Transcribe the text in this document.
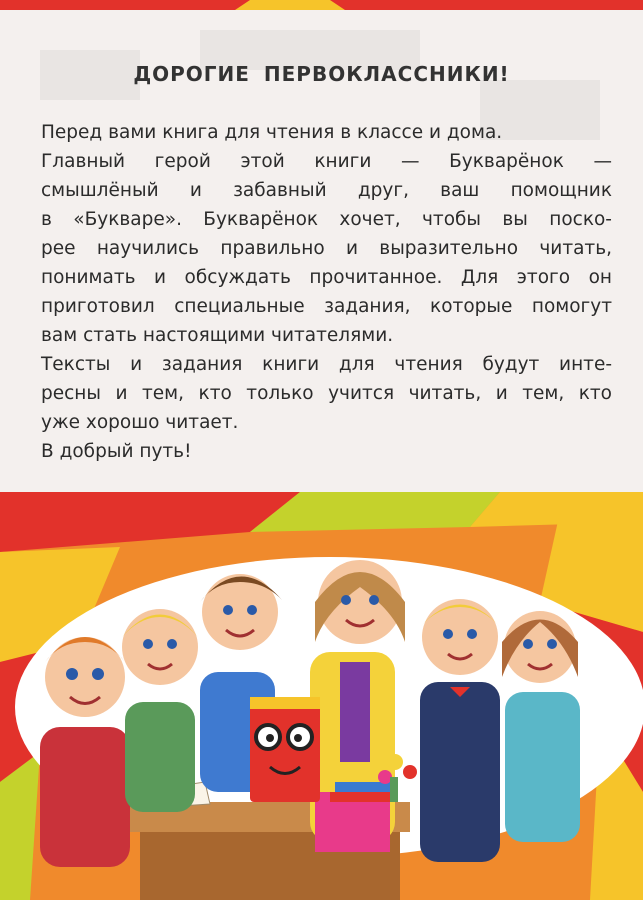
ДОРОГИЕ ПЕРВОКЛАССНИКИ!
Перед вами книга для чтения в классе и дома.
Главный герой этой книги — Букварёнок —
смышлёный и забавный друг, ваш помощник
в «Букваре». Букварёнок хочет, чтобы вы поско-
рее научились правильно и выразительно читать,
понимать и обсуждать прочитанное. Для этого он
приготовил специальные задания, которые помогут
вам стать настоящими читателями.
Тексты и задания книги для чтения будут инте-
ресны и тем, кто только учится читать, и тем, кто
уже хорошо читает.
В добрый путь!
